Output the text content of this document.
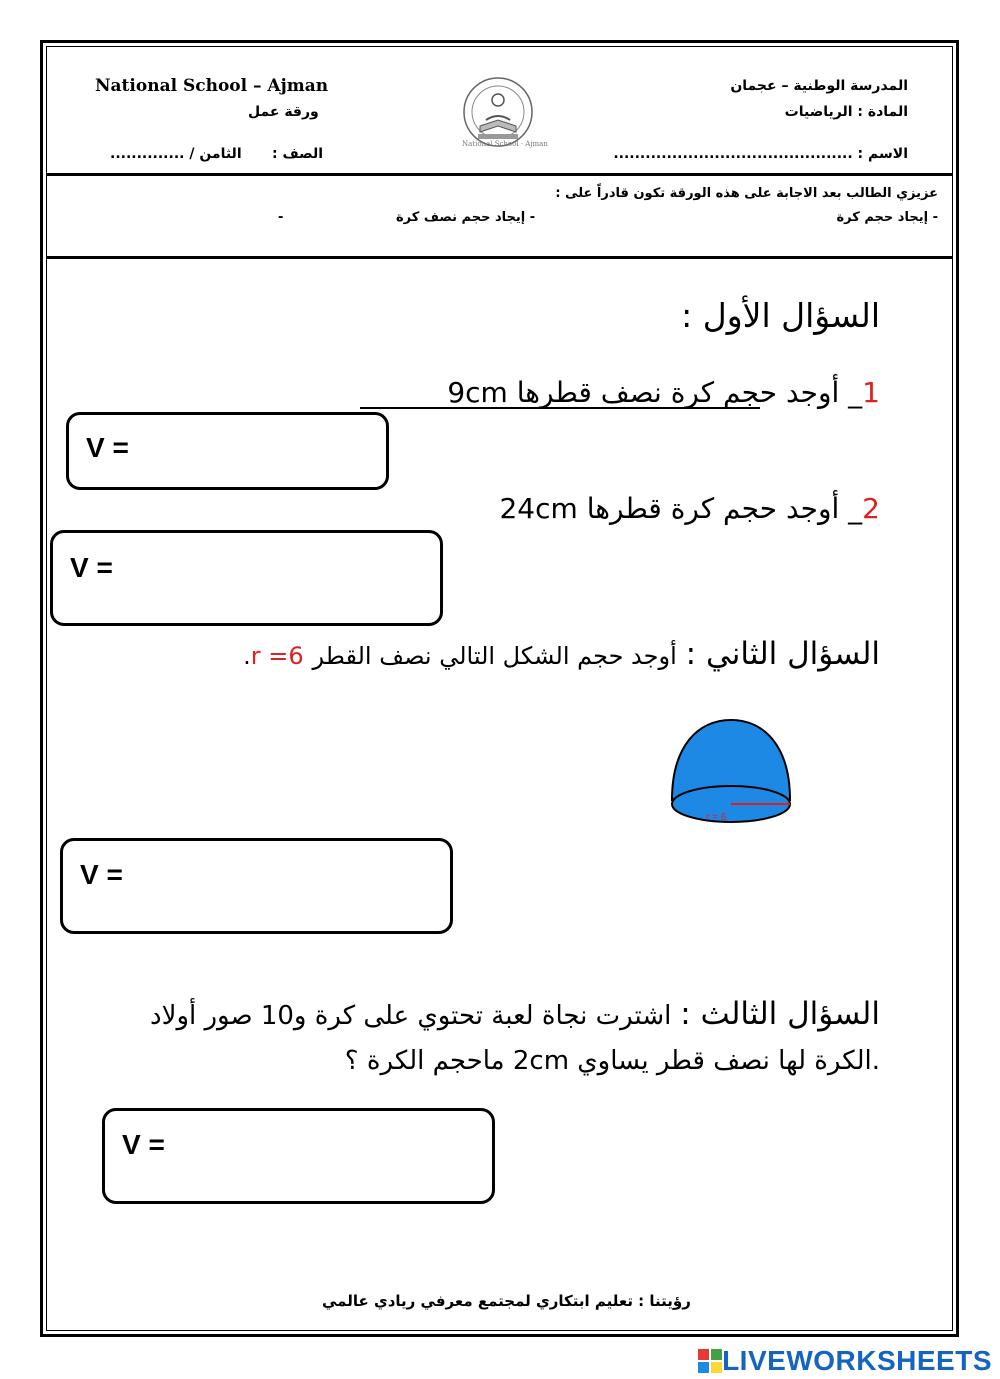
National School – Ajman
ورقة عمل
المدرسة الوطنية – عجمان
المادة : الرياضيات
الاسم : .............................................
الصف :
الثامن / ..............
National School · Ajman
عزيزي الطالب بعد الاجابة على هذه الورقة تكون قادراً على :
- إيجاد حجم كرة
- إيجاد حجم نصف كرة
-
السؤال الأول :
1_ أوجد حجم كرة نصف قطرها 9cm
V =
2_ أوجد حجم كرة قطرها 24cm
V =
السؤال الثاني : أوجد حجم الشكل التالي نصف القطر r =6.
r = 6
V =
السؤال الثالث : اشترت نجاة لعبة تحتوي على كرة و10 صور أولاد
.الكرة لها نصف قطر يساوي 2cm ماحجم الكرة ؟
V =
رؤيتنا : تعليم ابتكاري لمجتمع معرفي ريادي عالمي
LIVEWORKSHEETS
